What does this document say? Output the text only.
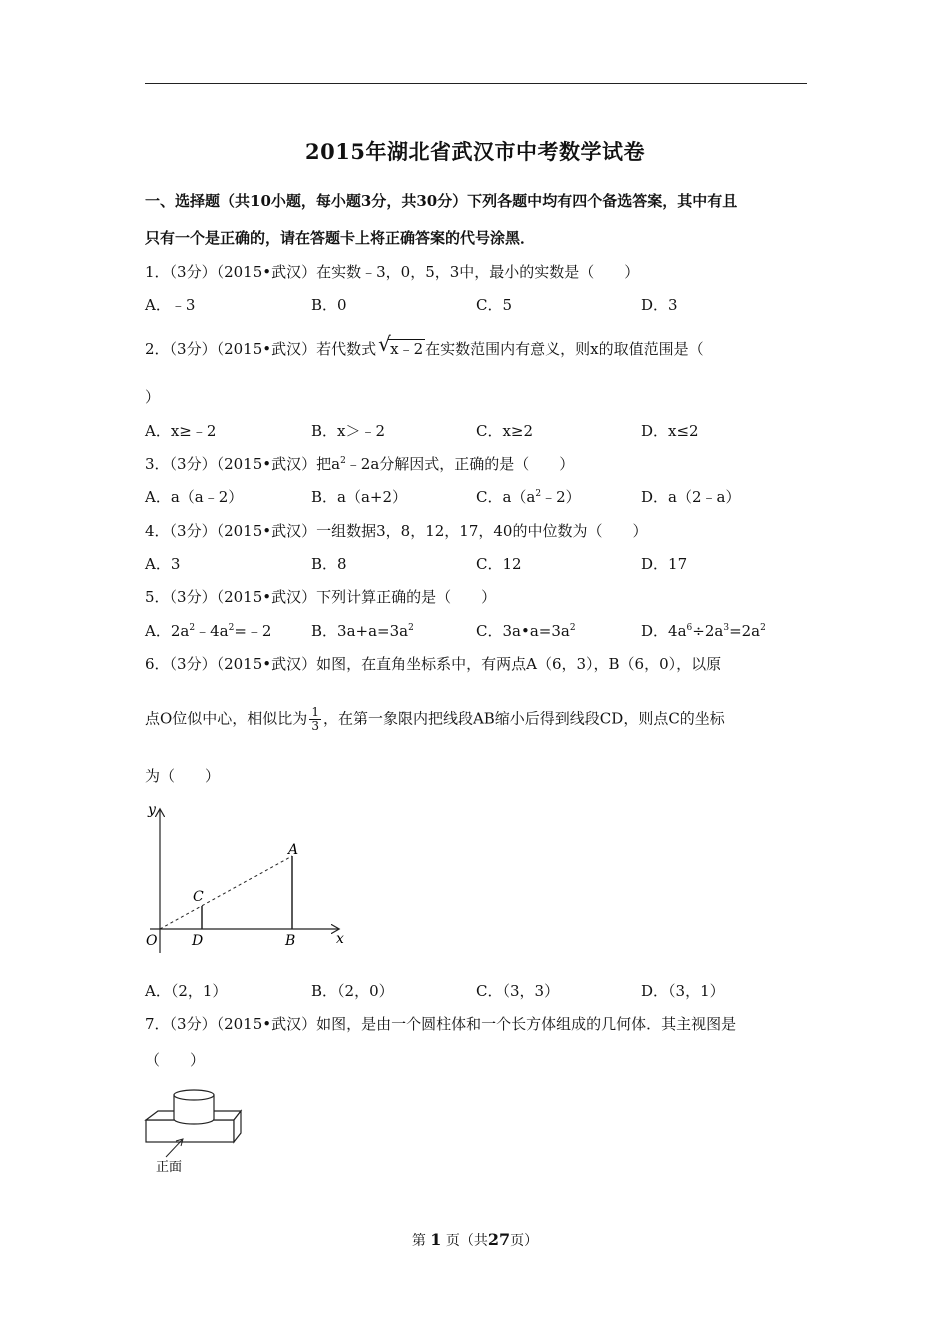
2015年湖北省武汉市中考数学试卷
一、选择题（共10小题，每小题3分，共30分）下列各题中均有四个备选答案，其中有且
只有一个是正确的，请在答题卡上将正确答案的代号涂黑．
1．（3分）（2015•武汉）在实数﹣3，0，5，3中，最小的实数是（　　）
A．﹣3	B．0	C．5	D．3
2．（3分）（2015•武汉）若代数式 √ x﹣2 在实数范围内有意义，则x的取值范围是（
）
A．x≥﹣2	B．x＞﹣2	C．x≥2	D．x≤2
3．（3分）（2015•武汉）把$a^2﹣2a$分解因式，正确的是（　　）
A．a（a﹣2）	B．a（a+2）	C．$a(a^2﹣2)$	D．a（2﹣a）
4．（3分）（2015•武汉）一组数据3，8，12，17，40的中位数为（　　）
A．3	B．8	C．12	D．17
5．（3分）（2015•武汉）下列计算正确的是（　　）
A．$2a^2﹣4a^2=﹣2$	B．$3a+a=3a^2$	C．$3a•a=3a^2$	D．$4a^6\div 2a^3=2a^2$
6．（3分）（2015•武汉）如图，在直角坐标系中，有两点A（6，3），B（6，0），以原
点O位似中心，相似比为 $\frac{1}{3}$ ，在第一象限内把线段AB缩小后得到线段CD，则点C的坐标
为（　　）
y
x
O
A
B
C
D
A．（2，1）	B．（2，0）	C．（3，3）	D．（3，1）
7．（3分）（2015•武汉）如图，是由一个圆柱体和一个长方体组成的几何体．其主视图是
（　　）
正面
第 1 页（共27页）
